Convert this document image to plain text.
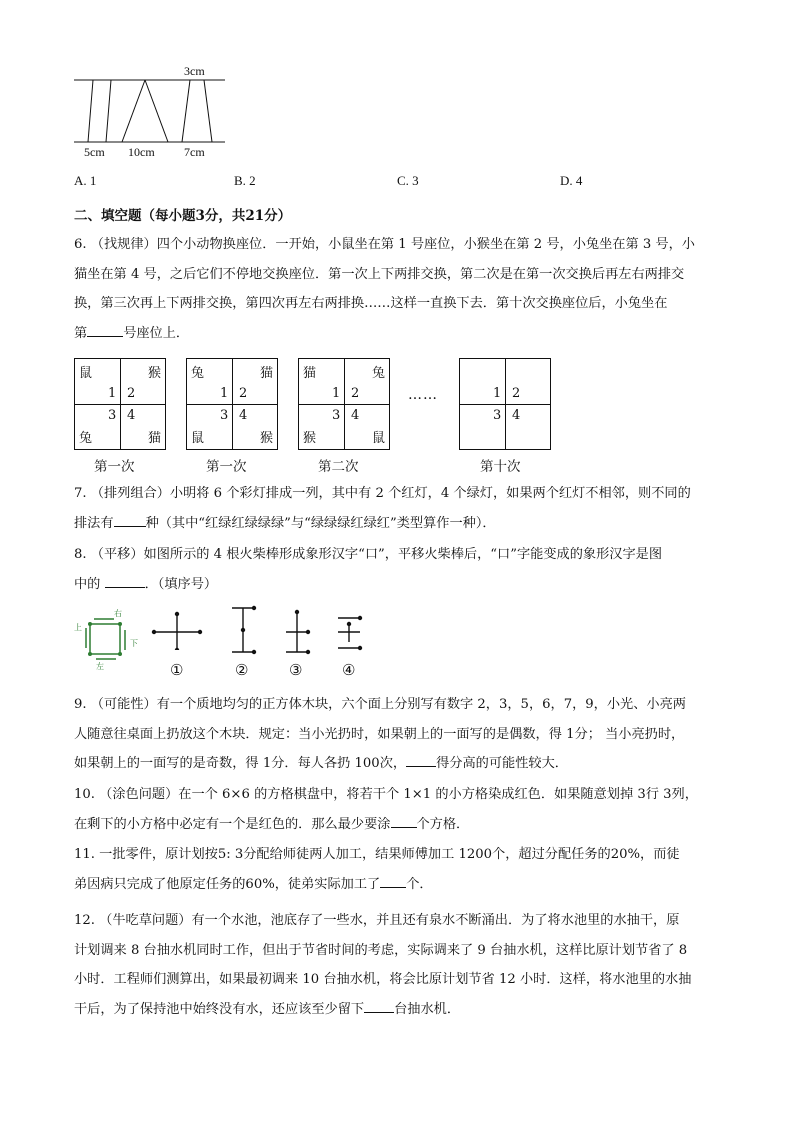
3cm
5cm 10cm 7cm
A. 1	B. 2	C. 3	D. 4
二、填空题（每小题3分，共21分）
6. （找规律）四个小动物换座位．一开始，小鼠坐在第 1 号座位，小猴坐在第 2 号，小兔坐在第 3 号，小
猫坐在第 4 号，之后它们不停地交换座位．第一次上下两排交换，第二次是在第一次交换后再左右两排交
换，第三次再上下两排交换，第四次再左右两排换……这样一直换下去．第十次交换座位后，小兔坐在
第	号座位上．
鼠	猴
1 2
3 4
兔	猫
第一次
兔	猫
1 2
3 4
鼠	猴
第一次
猫	兔
1 2
3 4
猴	鼠
第二次
……	1 2
3 4
第十次
7. （排列组合）小明将 6 个彩灯排成一列，其中有 2 个红灯，4 个绿灯，如果两个红灯不相邻，则不同的
排法有 种（其中“红绿红绿绿绿”与“绿绿绿红绿红”类型算作一种）．
8. （平移）如图所示的 4 根火柴棒形成象形汉字“口”，平移火柴棒后，“口”字能变成的象形汉字是图
中的	．（填序号）
上
右
下
左	①	②	③	④
9. （可能性）有一个质地均匀的正方体木块，六个面上分别写有数字 2，3，5，6，7，9，小光、小亮两
人随意往桌面上扔放这个木块．规定：当小光扔时，如果朝上的一面写的是偶数，得 1分； 当小亮扔时，
如果朝上的一面写的是奇数，得 1分．每人各扔 100次， 得分高的可能性较大．
10. （涂色问题）在一个 6×6 的方格棋盘中，将若干个 1×1 的小方格染成红色．如果随意划掉 3行 3列，
在剩下的小方格中必定有一个是红色的．那么最少要涂 个方格．
11. 一批零件，原计划按5: 3分配给师徒两人加工，结果师傅加工 1200个，超过分配任务的20%，而徒
弟因病只完成了他原定任务的60%，徒弟实际加工了 个．
12. （牛吃草问题）有一个水池，池底存了一些水，并且还有泉水不断涌出．为了将水池里的水抽干，原
计划调来 8 台抽水机同时工作，但出于节省时间的考虑，实际调来了 9 台抽水机，这样比原计划节省了 8
小时．工程师们测算出，如果最初调来 10 台抽水机，将会比原计划节省 12 小时．这样，将水池里的水抽
干后，为了保持池中始终没有水，还应该至少留下 台抽水机．
